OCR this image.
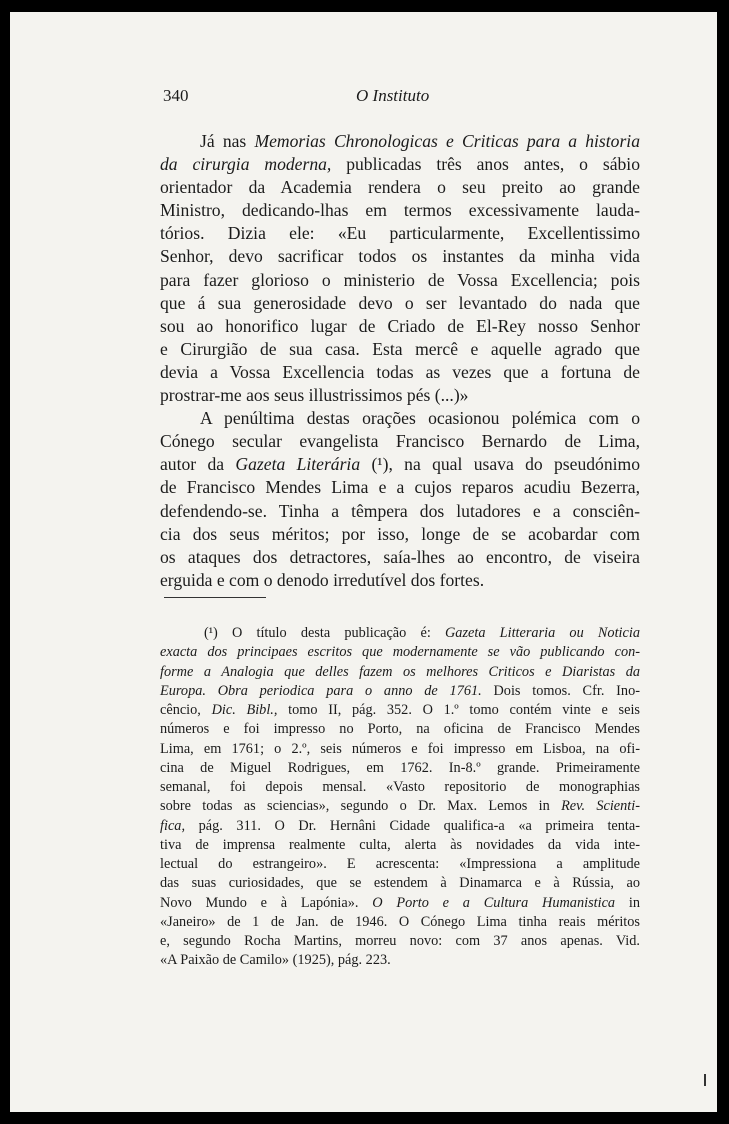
340	O Instituto
Já nas Memorias Chronologicas e Criticas para a historia
da cirurgia moderna, publicadas três anos antes, o sábio
orientador da Academia rendera o seu preito ao grande
Ministro, dedicando-lhas em termos excessivamente lauda-
tórios. Dizia ele: «Eu particularmente, Excellentissimo
Senhor, devo sacrificar todos os instantes da minha vida
para fazer glorioso o ministerio de Vossa Excellencia; pois
que á sua generosidade devo o ser levantado do nada que
sou ao honorifico lugar de Criado de El-Rey nosso Senhor
e Cirurgião de sua casa. Esta mercê e aquelle agrado que
devia a Vossa Excellencia todas as vezes que a fortuna de
prostrar-me aos seus illustrissimos pés (...)»
A penúltima destas orações ocasionou polémica com o
Cónego secular evangelista Francisco Bernardo de Lima,
autor da Gazeta Literária (¹), na qual usava do pseudónimo
de Francisco Mendes Lima e a cujos reparos acudiu Bezerra,
defendendo-se. Tinha a têmpera dos lutadores e a consciên-
cia dos seus méritos; por isso, longe de se acobardar com
os ataques dos detractores, saía-lhes ao encontro, de viseira
erguida e com o denodo irredutível dos fortes.
(¹) O título desta publicação é: Gazeta Litteraria ou Noticia
exacta dos principaes escritos que modernamente se vão publicando con-
forme a Analogia que delles fazem os melhores Criticos e Diaristas da
Europa. Obra periodica para o anno de 1761. Dois tomos. Cfr. Ino-
cêncio, Dic. Bibl., tomo II, pág. 352. O 1.º tomo contém vinte e seis
números e foi impresso no Porto, na oficina de Francisco Mendes
Lima, em 1761; o 2.º, seis números e foi impresso em Lisboa, na ofi-
cina de Miguel Rodrigues, em 1762. In-8.º grande. Primeiramente
semanal, foi depois mensal. «Vasto repositorio de monographias
sobre todas as sciencias», segundo o Dr. Max. Lemos in Rev. Scienti-
fica, pág. 311. O Dr. Hernâni Cidade qualifica-a «a primeira tenta-
tiva de imprensa realmente culta, alerta às novidades da vida inte-
lectual do estrangeiro». E acrescenta: «Impressiona a amplitude
das suas curiosidades, que se estendem à Dinamarca e à Rússia, ao
Novo Mundo e à Lapónia». O Porto e a Cultura Humanistica in
«Janeiro» de 1 de Jan. de 1946. O Cónego Lima tinha reais méritos
e, segundo Rocha Martins, morreu novo: com 37 anos apenas. Vid.
«A Paixão de Camilo» (1925), pág. 223.
